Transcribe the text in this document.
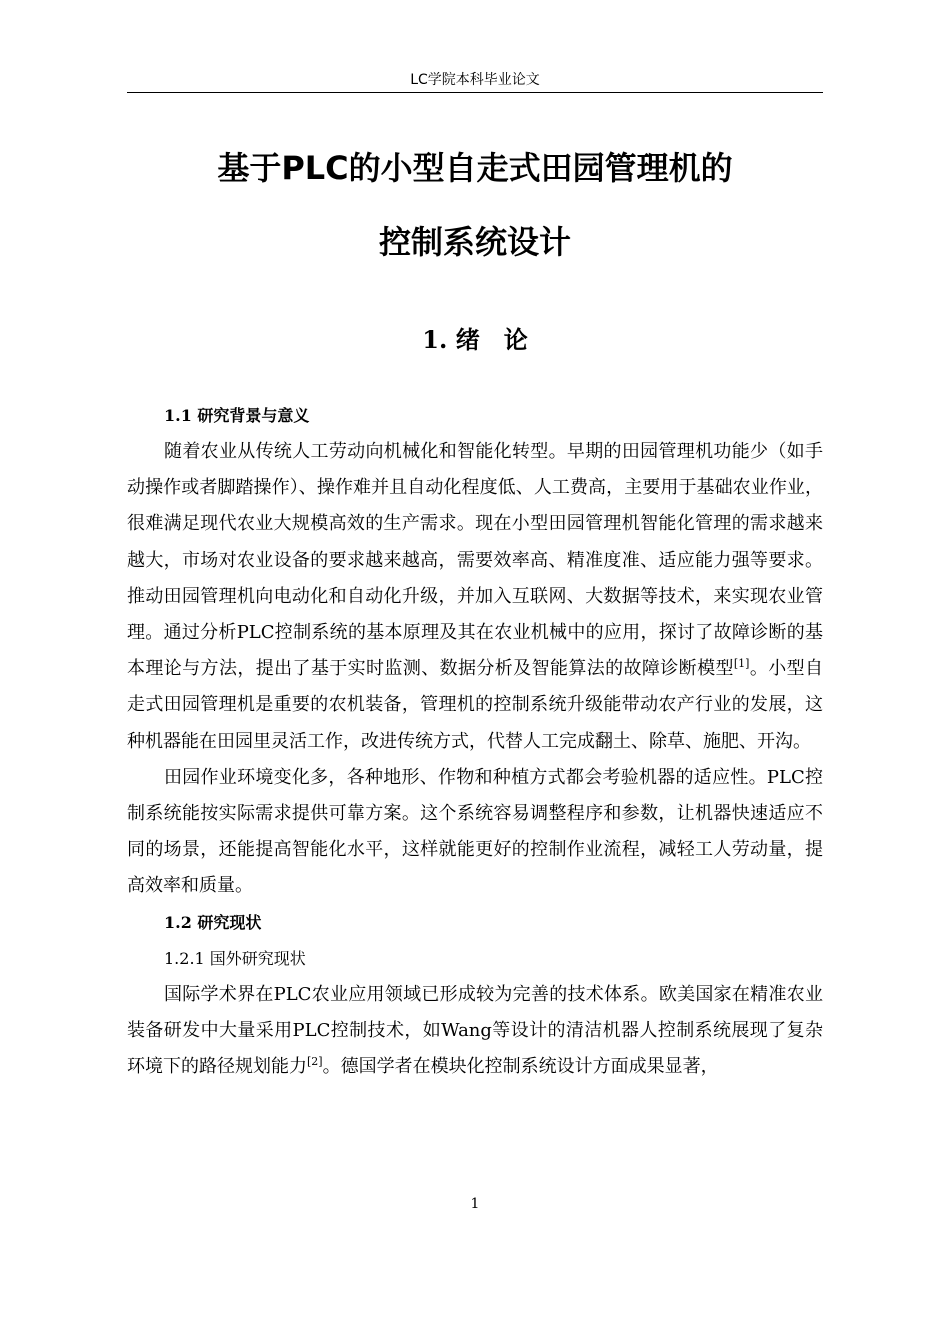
LC学院本科毕业论文
基于PLC的小型自走式田园管理机的
控制系统设计
1. 绪　论
1.1 研究背景与意义

随着农业从传统人工劳动向机械化和智能化转型。早期的田园管理机功能少（如手动操作或者脚踏操作）、操作难并且自动化程度低、人工费高，主要用于基础农业作业，很难满足现代农业大规模高效的生产需求。现在小型田园管理机智能化管理的需求越来越大，市场对农业设备的要求越来越高，需要效率高、精准度准、适应能力强等要求。推动田园管理机向电动化和自动化升级，并加入互联网、大数据等技术，来实现农业管理。通过分析PLC控制系统的基本原理及其在农业机械中的应用，探讨了故障诊断的基本理论与方法，提出了基于实时监测、数据分析及智能算法的故障诊断模型[1]。小型自走式田园管理机是重要的农机装备，管理机的控制系统升级能带动农产行业的发展，这种机器能在田园里灵活工作，改进传统方式，代替人工完成翻土、除草、施肥、开沟。

田园作业环境变化多，各种地形、作物和种植方式都会考验机器的适应性。PLC控制系统能按实际需求提供可靠方案。这个系统容易调整程序和参数，让机器快速适应不同的场景，还能提高智能化水平，这样就能更好的控制作业流程，减轻工人劳动量，提高效率和质量。

1.2 研究现状
1.2.1 国外研究现状

国际学术界在PLC农业应用领域已形成较为完善的技术体系。欧美国家在精准农业装备研发中大量采用PLC控制技术，如Wang等设计的清洁机器人控制系统展现了复杂环境下的路径规划能力[2]。德国学者在模块化控制系统设计方面成果显著，

1
